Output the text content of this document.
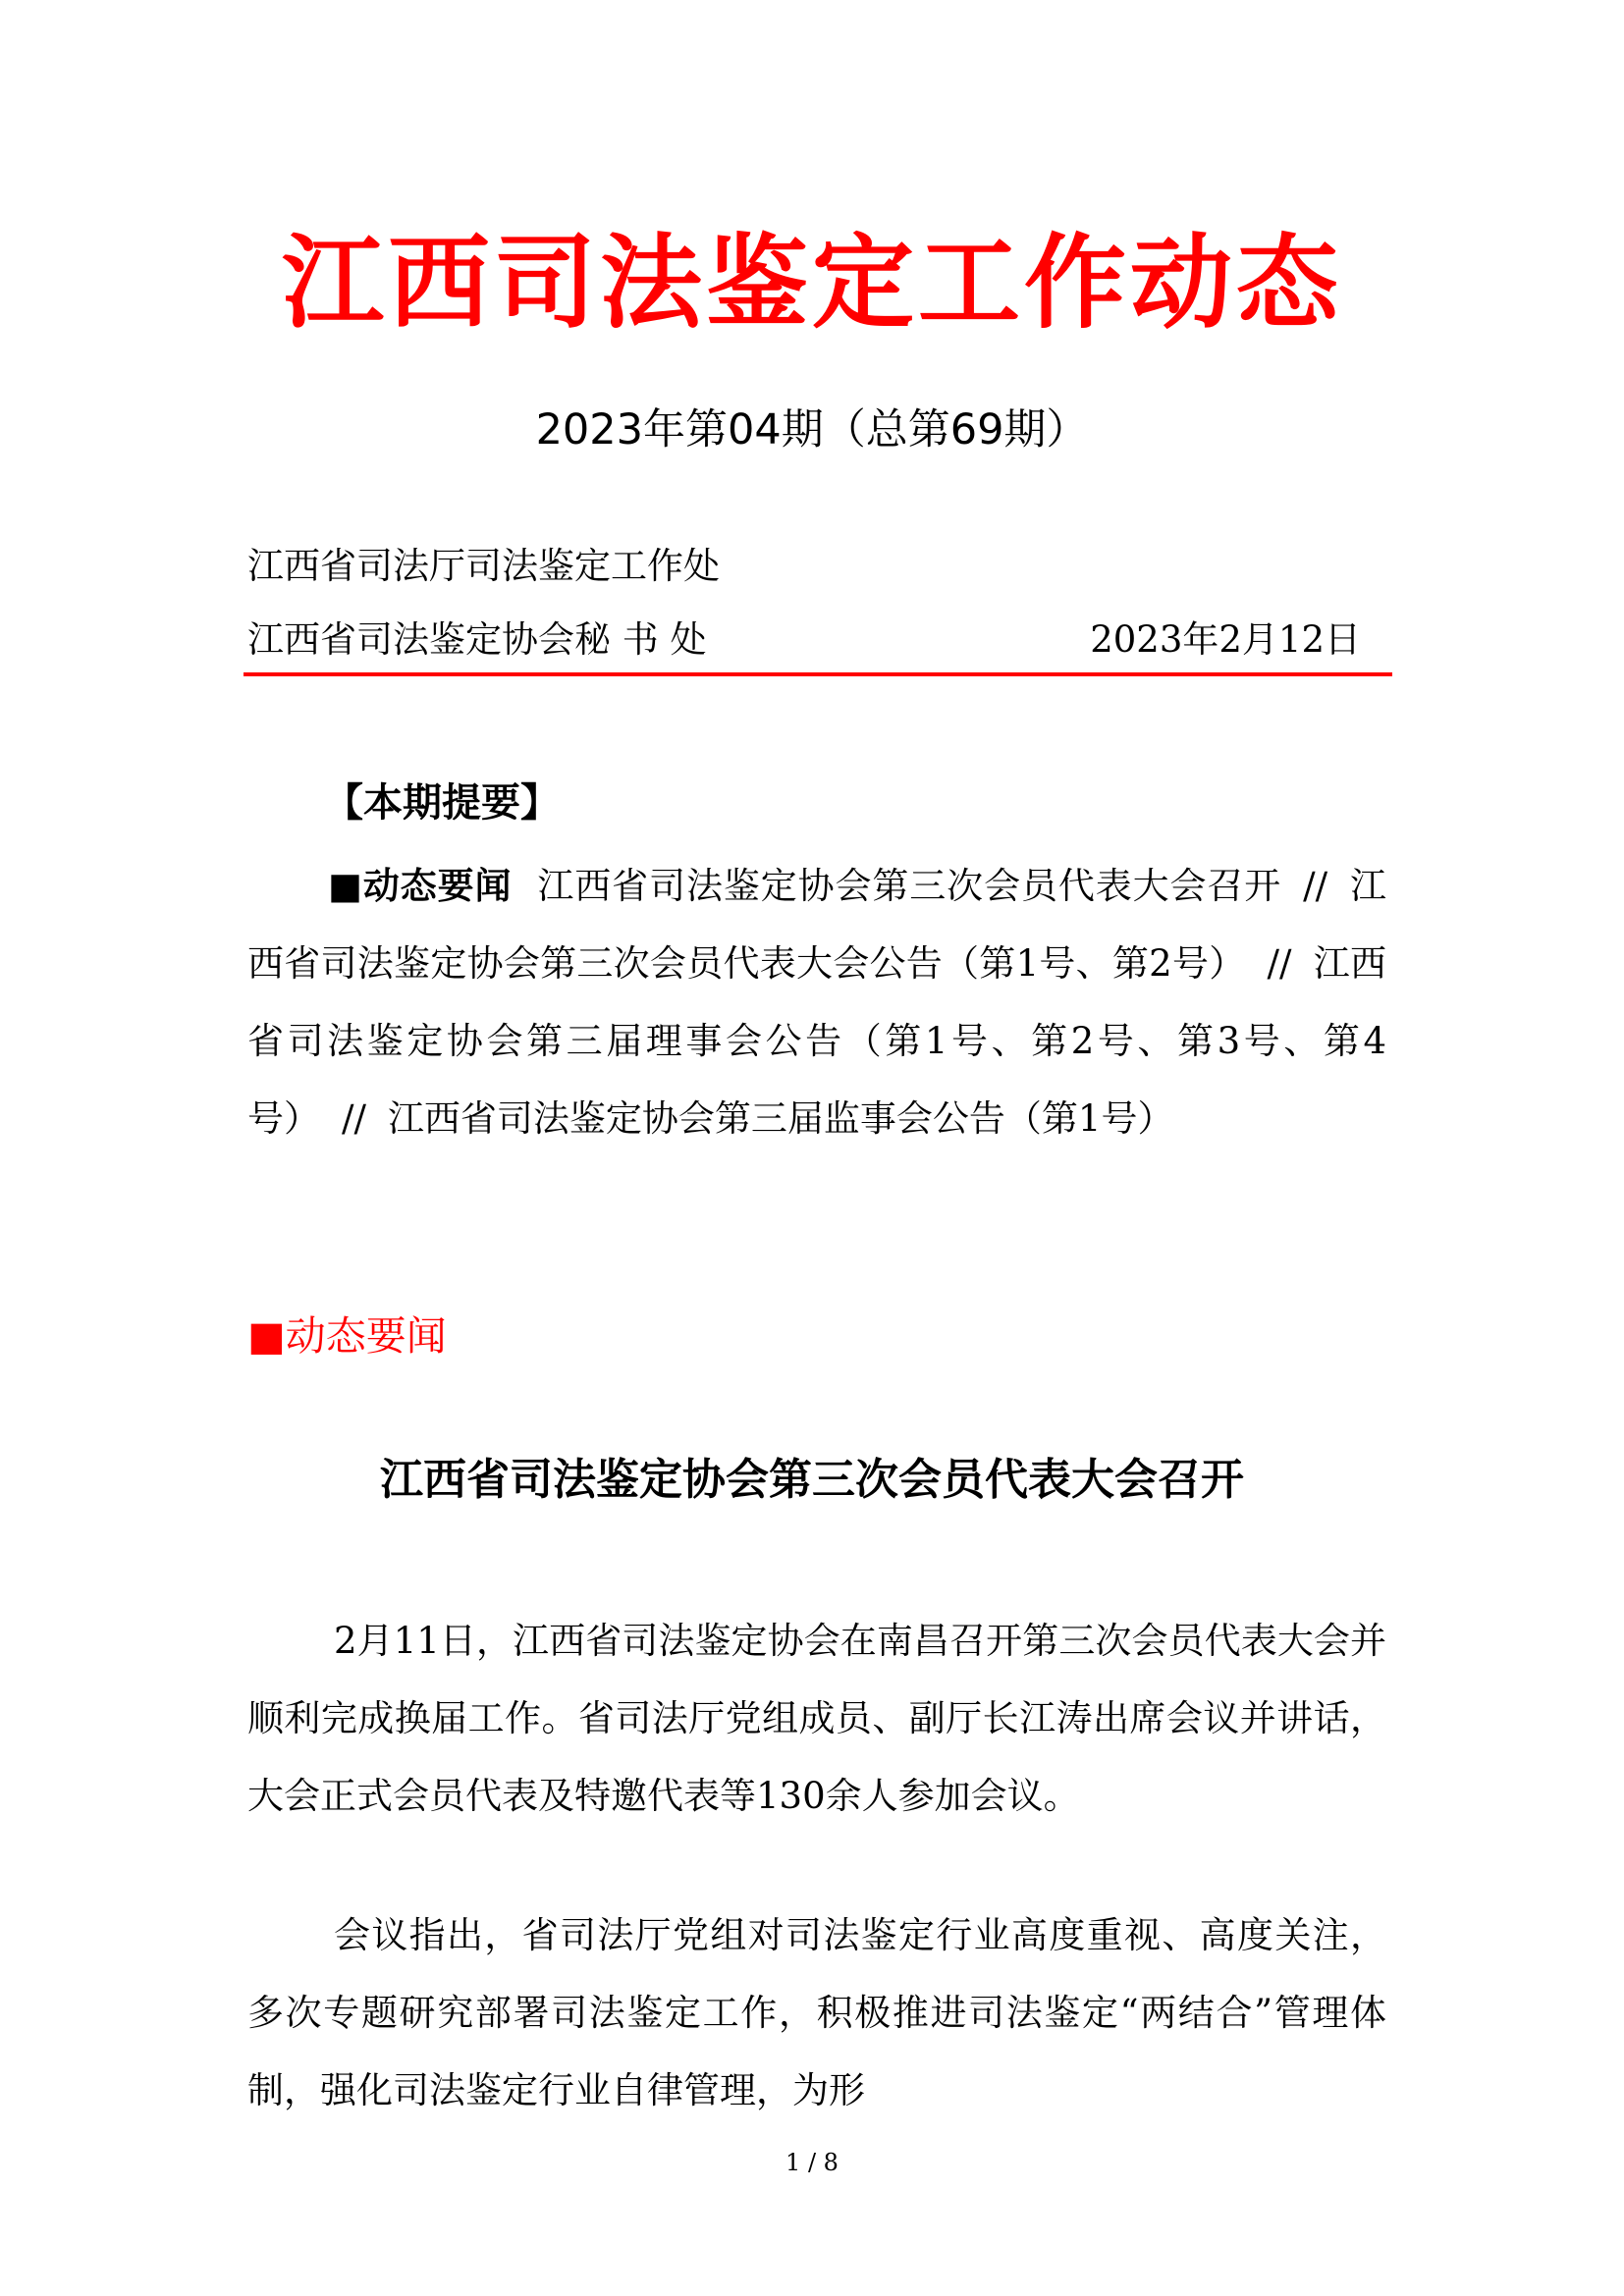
江西司法鉴定工作动态
2023年第04期（总第69期）
江西省司法厅司法鉴定工作处
江西省司法鉴定协会秘 书 处	2023年2月12日
【本期提要】
■动态要闻 江西省司法鉴定协会第三次会员代表大会召开 // 江西省司法鉴定协会第三次会员代表大会公告（第1号、第2号） // 江西省司法鉴定协会第三届理事会公告（第1号、第2号、第3号、第4号） // 江西省司法鉴定协会第三届监事会公告（第1号）
■动态要闻
江西省司法鉴定协会第三次会员代表大会召开
2月11日，江西省司法鉴定协会在南昌召开第三次会员代表大会并顺利完成换届工作。省司法厅党组成员、副厅长江涛出席会议并讲话，大会正式会员代表及特邀代表等130余人参加会议。
会议指出，省司法厅党组对司法鉴定行业高度重视、高度关注，多次专题研究部署司法鉴定工作，积极推进司法鉴定“两结合”管理体制，强化司法鉴定行业自律管理，为形
1 / 8
